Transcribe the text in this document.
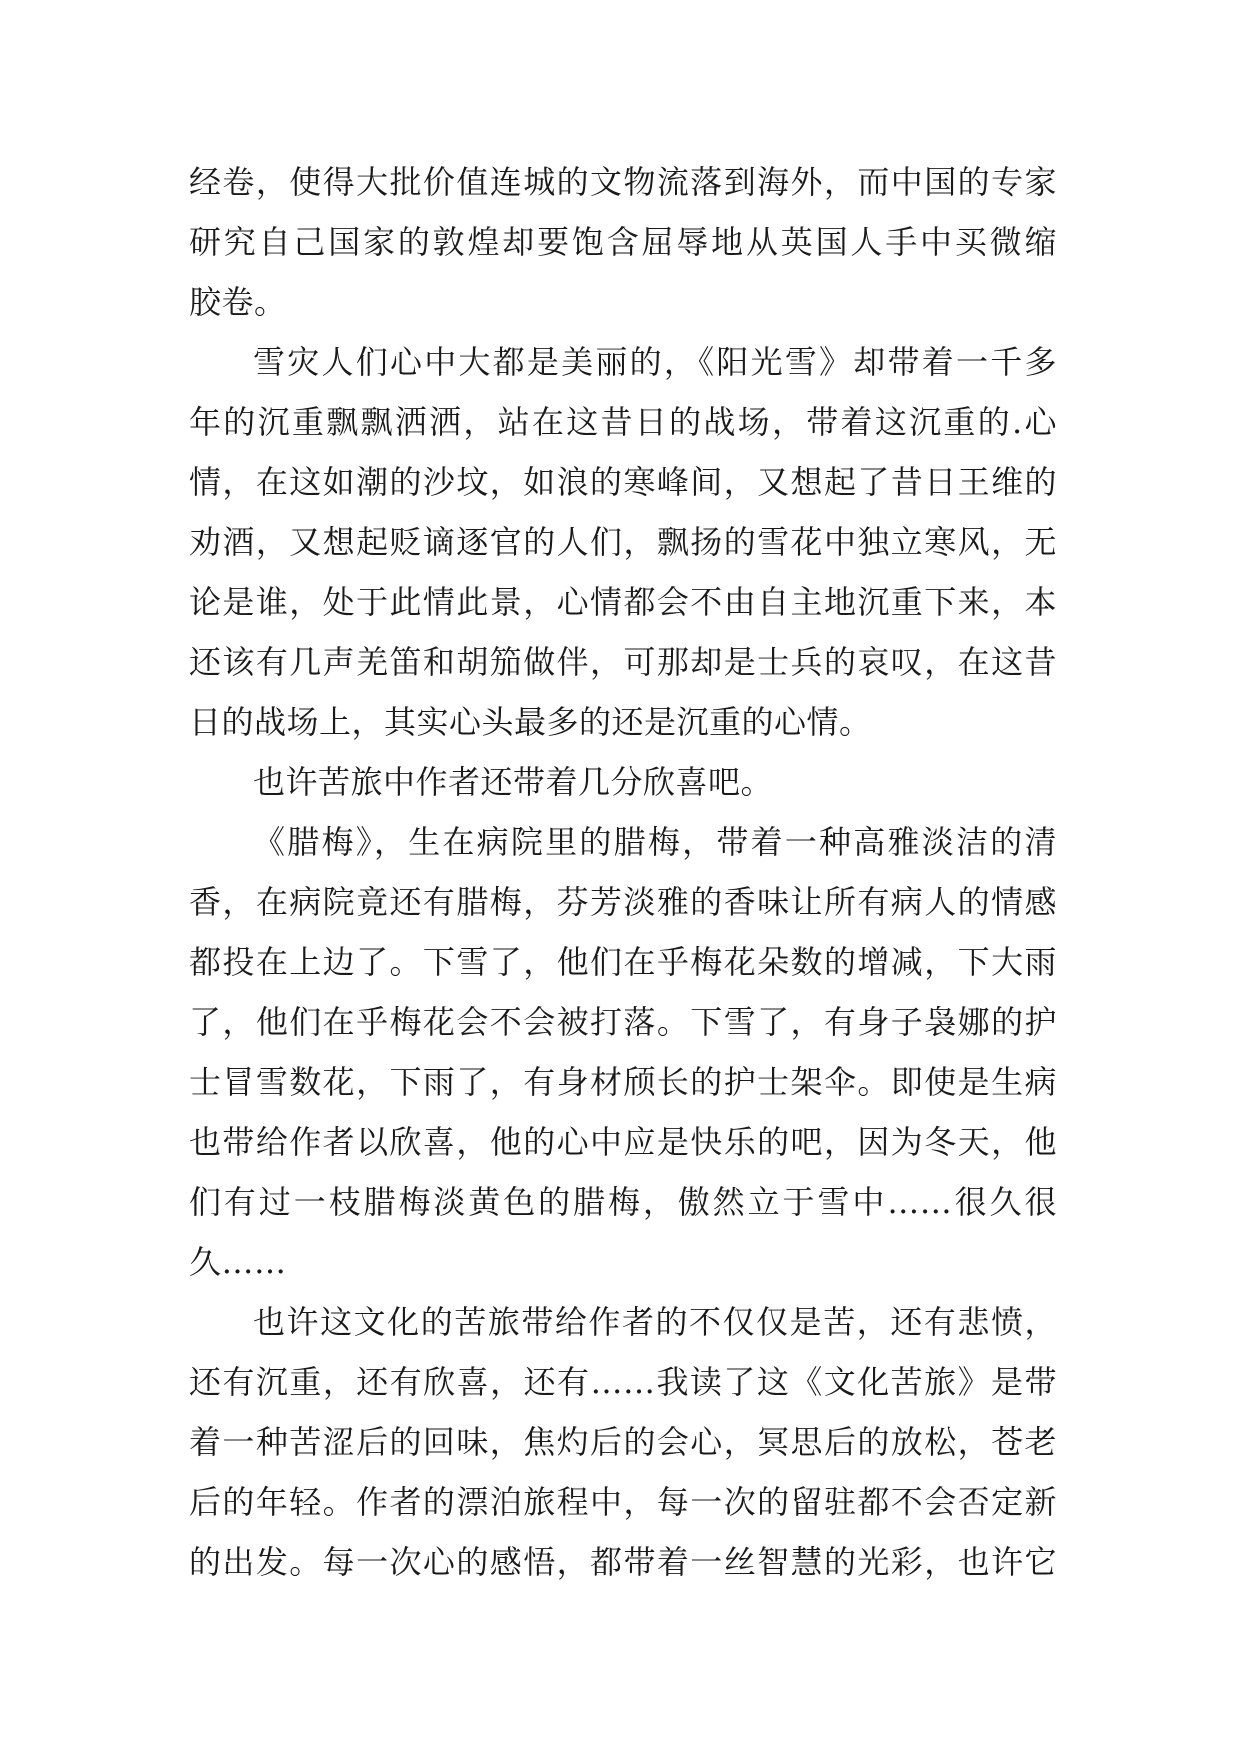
经卷，使得大批价值连城的文物流落到海外，而中国的专家
研究自己国家的敦煌却要饱含屈辱地从英国人手中买微缩
胶卷。
雪灾人们心中大都是美丽的，《阳光雪》却带着一千多
年的沉重飘飘洒洒，站在这昔日的战场，带着这沉重的.心
情，在这如潮的沙坟，如浪的寒峰间，又想起了昔日王维的
劝酒，又想起贬谪逐官的人们，飘扬的雪花中独立寒风，无
论是谁，处于此情此景，心情都会不由自主地沉重下来，本
还该有几声羌笛和胡笳做伴，可那却是士兵的哀叹，在这昔
日的战场上，其实心头最多的还是沉重的心情。
也许苦旅中作者还带着几分欣喜吧。
《腊梅》，生在病院里的腊梅，带着一种高雅淡洁的清
香，在病院竟还有腊梅，芬芳淡雅的香味让所有病人的情感
都投在上边了。下雪了，他们在乎梅花朵数的增减，下大雨
了，他们在乎梅花会不会被打落。下雪了，有身子袅娜的护
士冒雪数花，下雨了，有身材颀长的护士架伞。即使是生病
也带给作者以欣喜，他的心中应是快乐的吧，因为冬天，他
们有过一枝腊梅淡黄色的腊梅，傲然立于雪中……很久很
久……
也许这文化的苦旅带给作者的不仅仅是苦，还有悲愤，
还有沉重，还有欣喜，还有……我读了这《文化苦旅》是带
着一种苦涩后的回味，焦灼后的会心，冥思后的放松，苍老
后的年轻。作者的漂泊旅程中，每一次的留驻都不会否定新
的出发。每一次心的感悟，都带着一丝智慧的光彩，也许它
